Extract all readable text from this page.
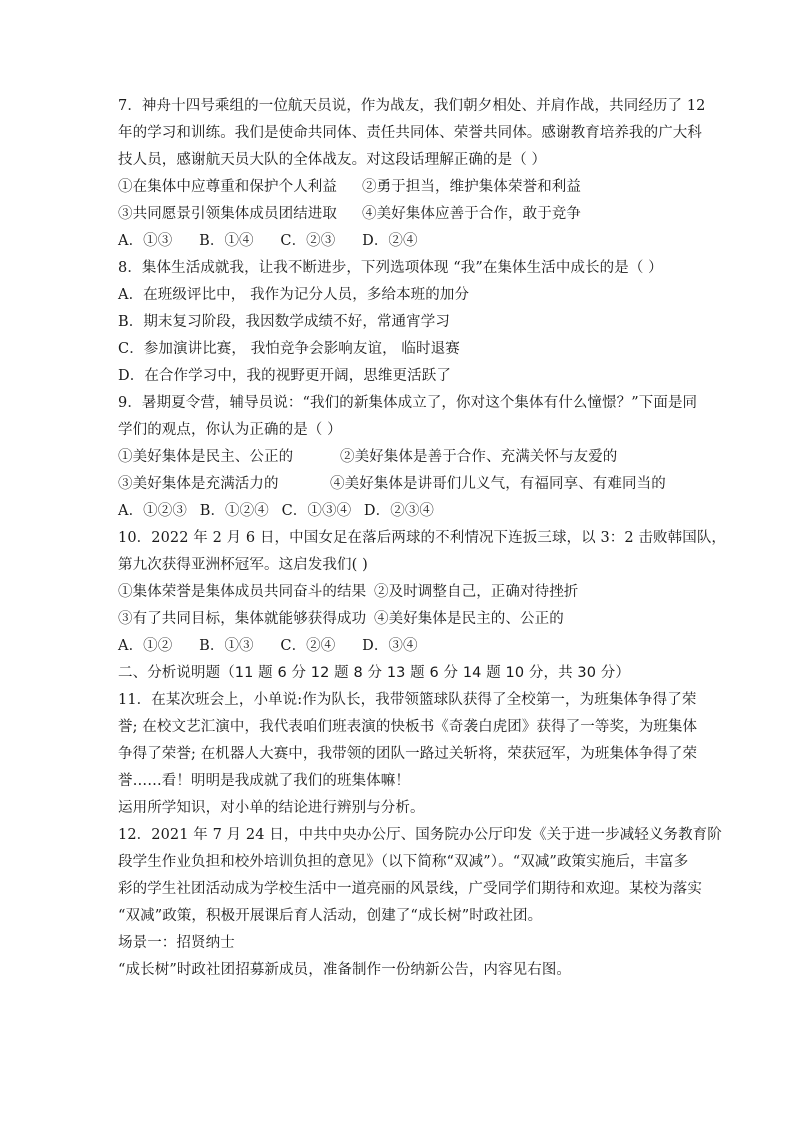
7．神舟十四号乘组的一位航天员说，作为战友，我们朝夕相处、并肩作战，共同经历了 12
年的学习和训练。我们是使命共同体、责任共同体、荣誉共同体。感谢教育培养我的广大科
技人员，感谢航天员大队的全体战友。对这段话理解正确的是（ ）
①在集体中应尊重和保护个人利益	②勇于担当，维护集体荣誉和利益
③共同愿景引领集体成员团结进取	④美好集体应善于合作，敢于竞争
A．①③ B．①④ C．②③ D．②④
8．集体生活成就我，让我不断进步，下列选项体现 “我”在集体生活中成长的是（ ）
A．在班级评比中， 我作为记分人员，多给本班的加分
B．期末复习阶段，我因数学成绩不好，常通宵学习
C．参加演讲比赛， 我怕竞争会影响友谊， 临时退赛
D．在合作学习中，我的视野更开阔，思维更活跃了
9．暑期夏令营，辅导员说：“我们的新集体成立了，你对这个集体有什么憧憬？”下面是同
学们的观点，你认为正确的是（ ）
①美好集体是民主、公正的	②美好集体是善于合作、充满关怀与友爱的
③美好集体是充满活力的	④美好集体是讲哥们儿义气，有福同享、有难同当的
A．①②③ B．①②④ C．①③④ D．②③④
10．2022 年 2 月 6 日，中国女足在落后两球的不利情况下连扳三球，以 3：2 击败韩国队，
第九次获得亚洲杯冠军。这启发我们( )
①集体荣誉是集体成员共同奋斗的结果 ②及时调整自己，正确对待挫折
③有了共同目标，集体就能够获得成功 ④美好集体是民主的、公正的
A．①② B．①③ C．②④ D．③④
二、分析说明题（11 题 6 分 12 题 8 分 13 题 6 分 14 题 10 分，共 30 分）
11．在某次班会上，小单说:作为队长，我带领篮球队获得了全校第一，为班集体争得了荣
誉; 在校文艺汇演中，我代表咱们班表演的快板书《奇袭白虎团》获得了一等奖，为班集体
争得了荣誉; 在机器人大赛中，我带领的团队一路过关斩将，荣获冠军，为班集体争得了荣
誉……看！明明是我成就了我们的班集体嘛！
运用所学知识，对小单的结论进行辨别与分析。
12．2021 年 7 月 24 日，中共中央办公厅、国务院办公厅印发《关于进一步减轻义务教育阶
段学生作业负担和校外培训负担的意见》（以下简称“双减”）。“双减”政策实施后，丰富多
彩的学生社团活动成为学校生活中一道亮丽的风景线，广受同学们期待和欢迎。某校为落实
“双减”政策，积极开展课后育人活动，创建了“成长树”时政社团。
场景一：招贤纳士
“成长树”时政社团招募新成员，准备制作一份纳新公告，内容见右图。
